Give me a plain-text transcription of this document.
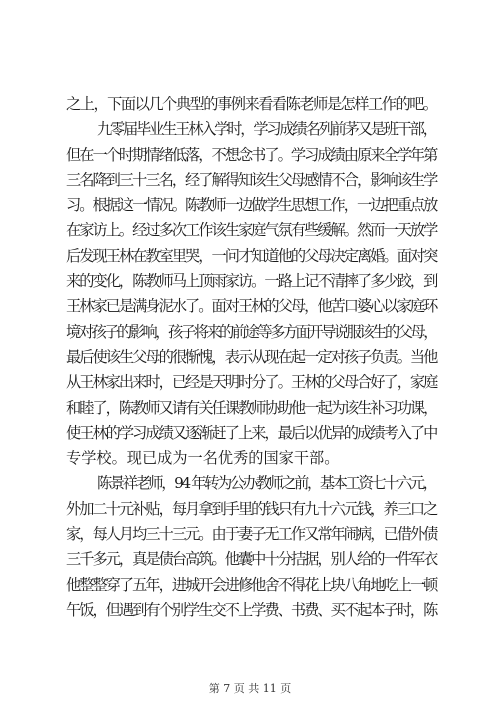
之上，下面以几个典型的事例来看看陈老师是怎样工作的吧。
九零届毕业生王林入学时，学习成绩名列前茅又是班干部，
但在一个时期情绪低落，不想念书了。学习成绩由原来全学年第
三名降到三十三名，经了解得知该生父母感情不合，影响该生学
习。根据这一情况。陈教师一边做学生思想工作，一边把重点放
在家访上。经过多次工作该生家庭气氛有些缓解。然而一天放学
后发现王林在教室里哭，一问才知道他的父母决定离婚。面对突
来的变化，陈教师马上顶雨家访。一路上记不清摔了多少跤，到
王林家已是满身泥水了。面对王林的父母，他苦口婆心以家庭环
境对孩子的影响，孩子将来的前途等多方面开导说服该生的父母，
最后使该生父母的很惭愧，表示从现在起一定对孩子负责。当他
从王林家出来时，已经是天明时分了。王林的父母合好了，家庭
和睦了，陈教师又请有关任课教师协助他一起为该生补习功课，
使王林的学习成绩又逐渐赶了上来，最后以优异的成绩考入了中
专学校。现已成为一名优秀的国家干部。
陈景祥老师，94 年转为公办教师之前，基本工资七十六元，
外加二十元补贴，每月拿到手里的钱只有九十六元钱，养三口之
家，每人月均三十三元。由于妻子无工作又常年闹病，已借外债
三千多元，真是债台高筑。他囊中十分拮据，别人给的一件军衣
他整整穿了五年，进城开会进修他舍不得花上块八角地吃上一顿
午饭，但遇到有个别学生交不上学费、书费、买不起本子时，陈
第 7 页 共 11 页
